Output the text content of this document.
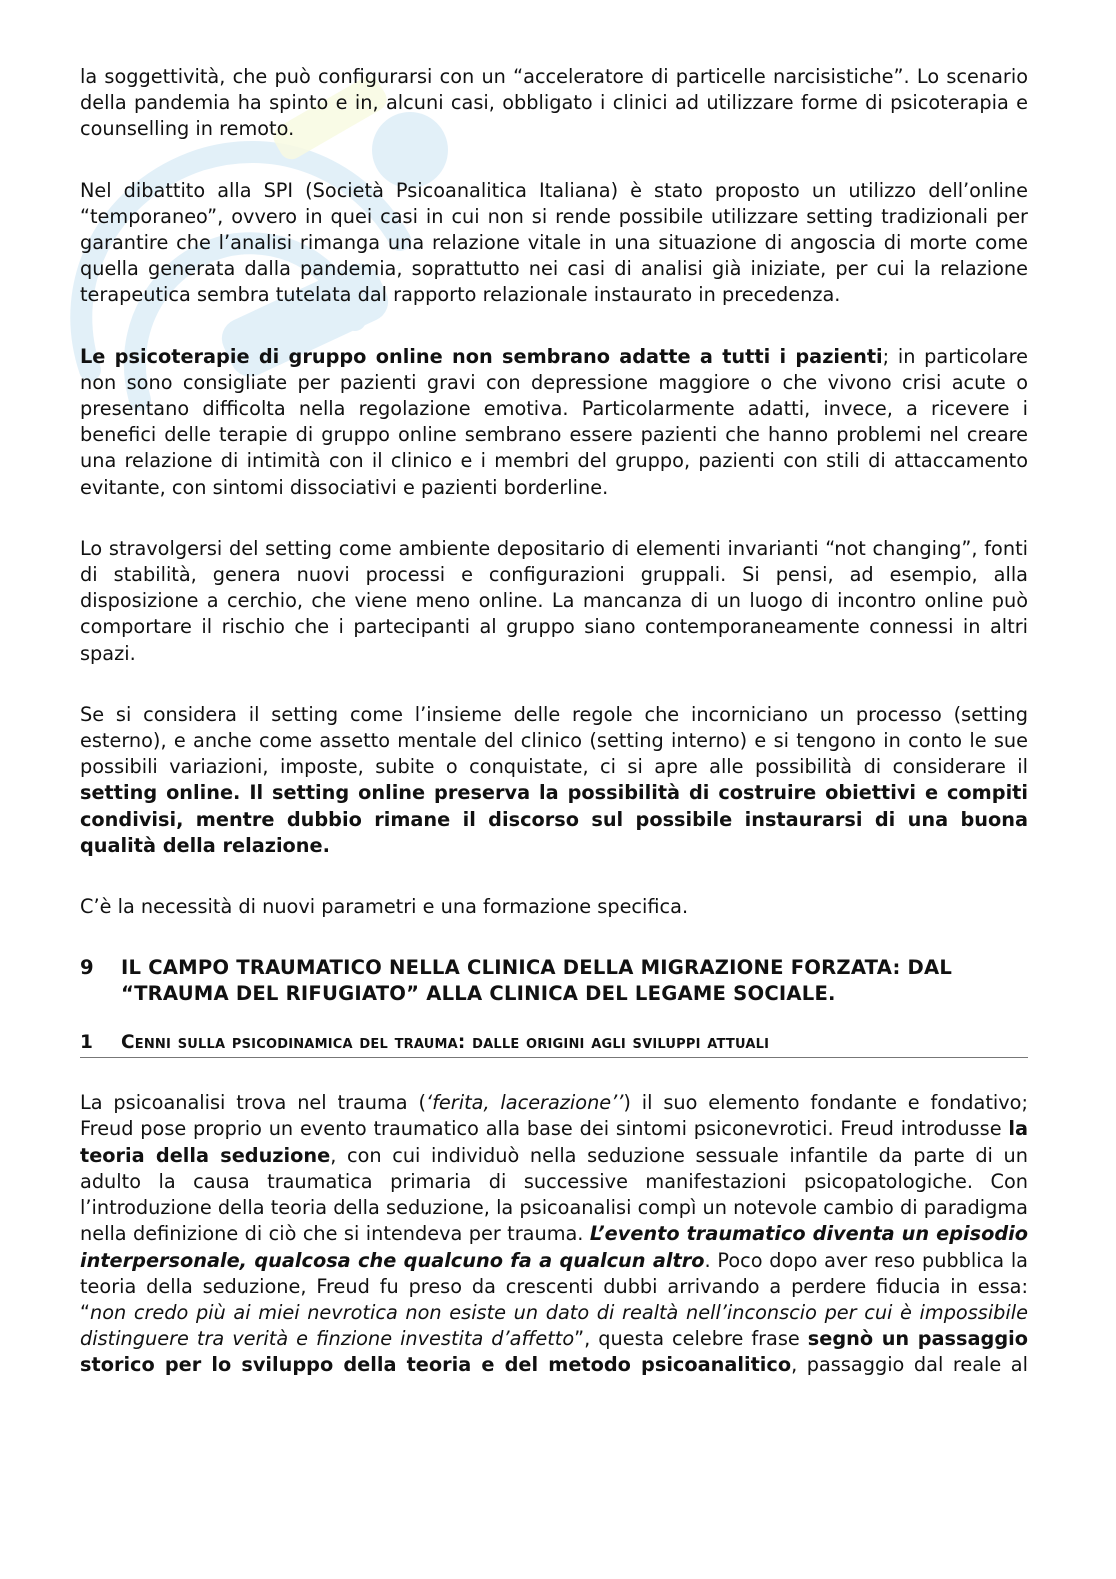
la soggettività, che può configurarsi con un “acceleratore di particelle narcisistiche”. Lo scenario della pandemia ha spinto e in, alcuni casi, obbligato i clinici ad utilizzare forme di psicoterapia e counselling in remoto.

Nel dibattito alla SPI (Società Psicoanalitica Italiana) è stato proposto un utilizzo dell’online “temporaneo”, ovvero in quei casi in cui non si rende possibile utilizzare setting tradizionali per garantire che l’analisi rimanga una relazione vitale in una situazione di angoscia di morte come quella generata dalla pandemia, soprattutto nei casi di analisi già iniziate, per cui la relazione terapeutica sembra tutelata dal rapporto relazionale instaurato in precedenza.

Le psicoterapie di gruppo online non sembrano adatte a tutti i pazienti; in particolare non sono consigliate per pazienti gravi con depressione maggiore o che vivono crisi acute o presentano difficolta nella regolazione emotiva. Particolarmente adatti, invece, a ricevere i benefici delle terapie di gruppo online sembrano essere pazienti che hanno problemi nel creare una relazione di intimità con il clinico e i membri del gruppo, pazienti con stili di attaccamento evitante, con sintomi dissociativi e pazienti borderline.

Lo stravolgersi del setting come ambiente depositario di elementi invarianti “not changing”, fonti di stabilità, genera nuovi processi e configurazioni gruppali. Si pensi, ad esempio, alla disposizione a cerchio, che viene meno online. La mancanza di un luogo di incontro online può comportare il rischio che i partecipanti al gruppo siano contemporaneamente connessi in altri spazi.

Se si considera il setting come l’insieme delle regole che incorniciano un processo (setting esterno), e anche come assetto mentale del clinico (setting interno) e si tengono in conto le sue possibili variazioni, imposte, subite o conquistate, ci si apre alle possibilità di considerare il setting online. Il setting online preserva la possibilità di costruire obiettivi e compiti condivisi, mentre dubbio rimane il discorso sul possibile instaurarsi di una buona qualità della relazione.

C’è la necessità di nuovi parametri e una formazione specifica.

9	IL CAMPO TRAUMATICO NELLA CLINICA DELLA MIGRAZIONE FORZATA: DAL “TRAUMA DEL RIFUGIATO” ALLA CLINICA DEL LEGAME SOCIALE.
1	Cenni sulla psicodinamica del trauma: dalle origini agli sviluppi attuali

La psicoanalisi trova nel trauma (‘ferita, lacerazione’’) il suo elemento fondante e fondativo; Freud pose proprio un evento traumatico alla base dei sintomi psiconevrotici. Freud introdusse la teoria della seduzione, con cui individuò nella seduzione sessuale infantile da parte di un adulto la causa traumatica primaria di successive manifestazioni psicopatologiche. Con l’introduzione della teoria della seduzione, la psicoanalisi compì un notevole cambio di paradigma nella definizione di ciò che si intendeva per trauma. L’evento traumatico diventa un episodio interpersonale, qualcosa che qualcuno fa a qualcun altro. Poco dopo aver reso pubblica la teoria della seduzione, Freud fu preso da crescenti dubbi arrivando a perdere fiducia in essa: “non credo più ai miei nevrotica non esiste un dato di realtà nell’inconscio per cui è impossibile distinguere tra verità e finzione investita d’affetto”, questa celebre frase segnò un passaggio storico per lo sviluppo della teoria e del metodo psicoanalitico, passaggio dal reale al
